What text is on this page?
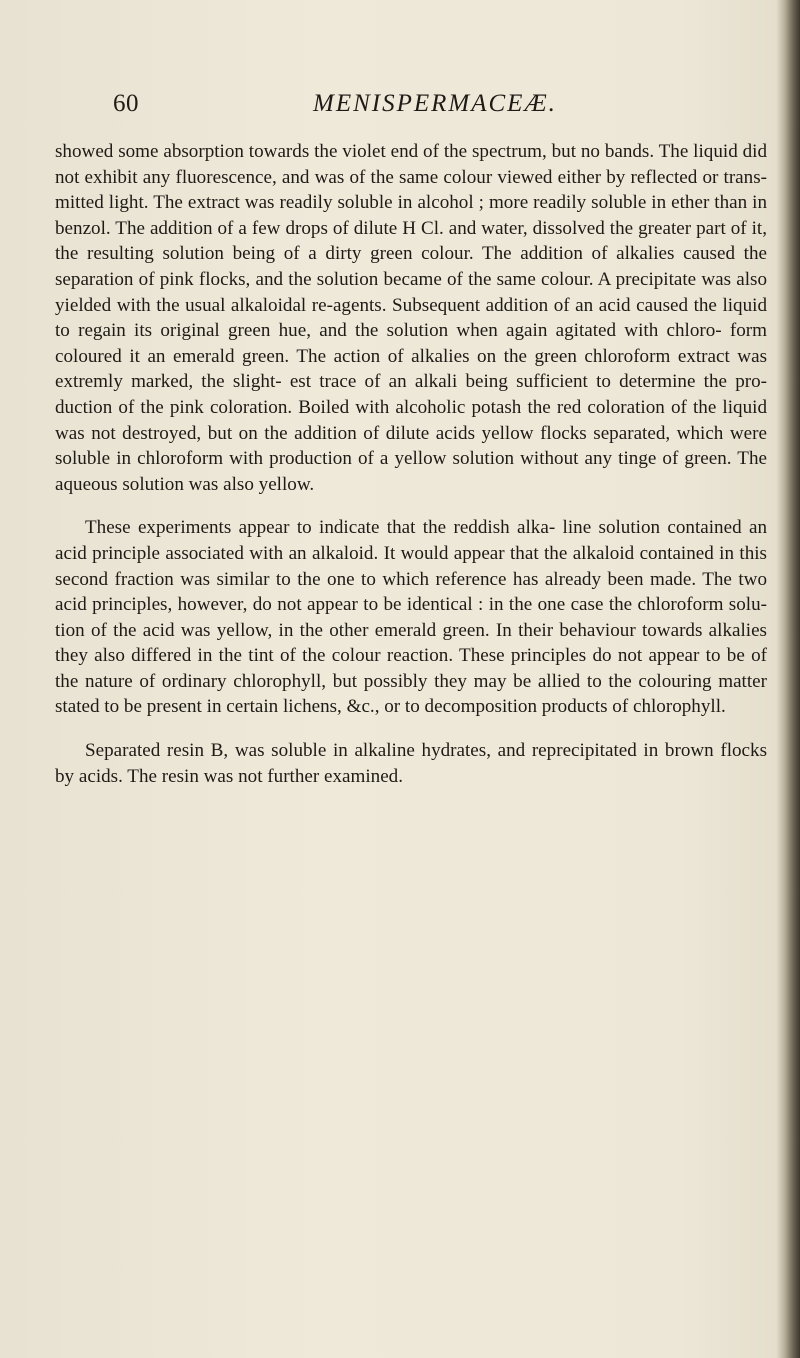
60	MENISPERMACEÆ.

showed some absorption towards the violet end of the spectrum, but no bands. The liquid did not exhibit any fluorescence, and was of the same colour viewed either by reflected or trans- mitted light. The extract was readily soluble in alcohol ; more readily soluble in ether than in benzol. The addition of a few drops of dilute H Cl. and water, dissolved the greater part of it, the resulting solution being of a dirty green colour. The addition of alkalies caused the separation of pink flocks, and the solution became of the same colour. A precipitate was also yielded with the usual alkaloidal re-agents. Subsequent addition of an acid caused the liquid to regain its original green hue, and the solution when again agitated with chloro- form coloured it an emerald green. The action of alkalies on the green chloroform extract was extremly marked, the slight- est trace of an alkali being sufficient to determine the pro- duction of the pink coloration. Boiled with alcoholic potash the red coloration of the liquid was not destroyed, but on the addition of dilute acids yellow flocks separated, which were soluble in chloroform with production of a yellow solution without any tinge of green. The aqueous solution was also yellow.

These experiments appear to indicate that the reddish alka- line solution contained an acid principle associated with an alkaloid. It would appear that the alkaloid contained in this second fraction was similar to the one to which reference has already been made. The two acid principles, however, do not appear to be identical : in the one case the chloroform solu- tion of the acid was yellow, in the other emerald green. In their behaviour towards alkalies they also differed in the tint of the colour reaction. These principles do not appear to be of the nature of ordinary chlorophyll, but possibly they may be allied to the colouring matter stated to be present in certain lichens, &c., or to decomposition products of chlorophyll.

Separated resin B, was soluble in alkaline hydrates, and reprecipitated in brown flocks by acids. The resin was not further examined.
